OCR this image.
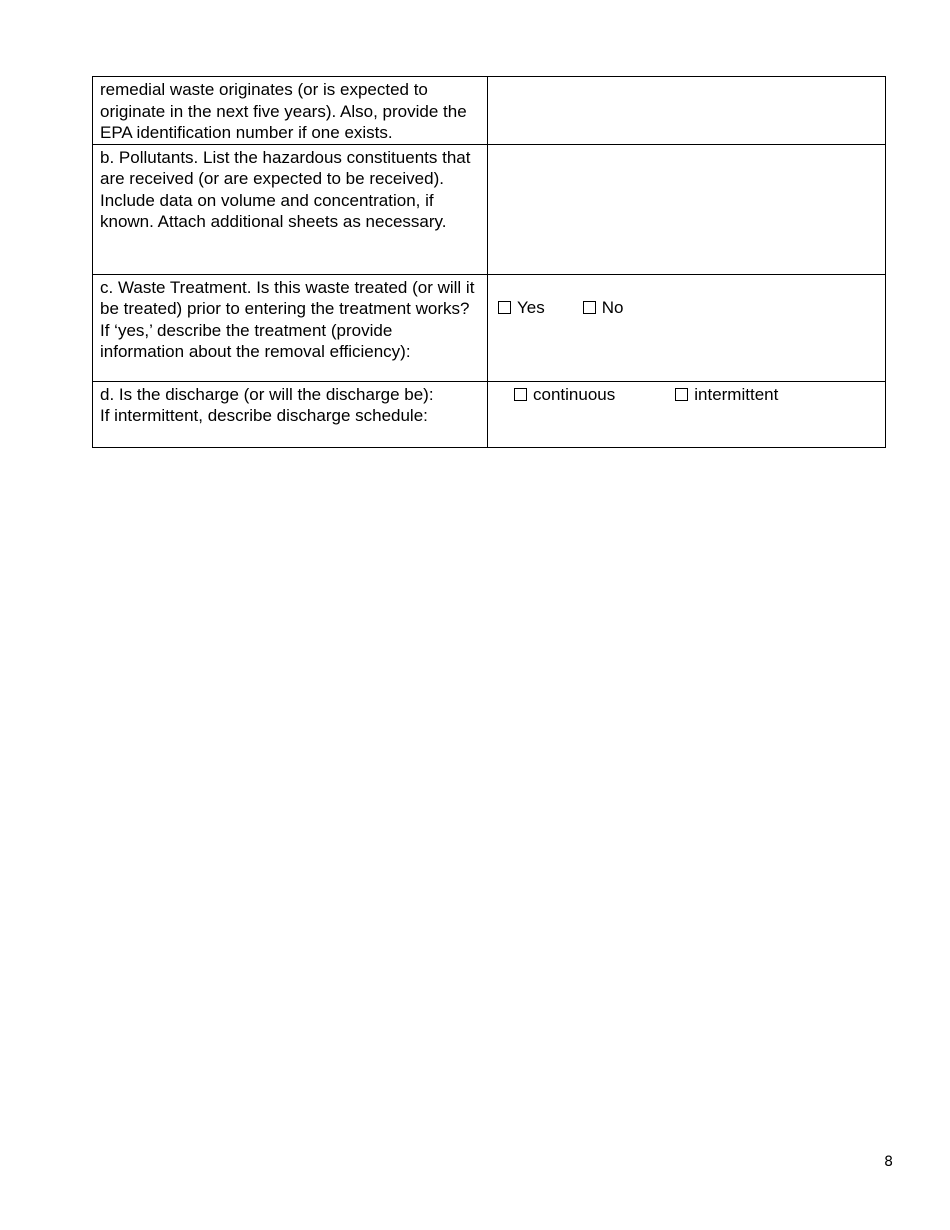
remedial waste originates (or is expected to originate in the next five years). Also, provide the EPA identification number if one exists.	

b. Pollutants. List the hazardous constituents that are received (or are expected to be received). Include data on volume and concentration, if known. Attach additional sheets as necessary.	

c. Waste Treatment. Is this waste treated (or will it be treated) prior to entering the treatment works? If ‘yes,’ describe the treatment (provide information about the removal efficiency):	Yes No

d. Is the discharge (or will the discharge be):
If intermittent, describe discharge schedule:	continuous intermittent
8
